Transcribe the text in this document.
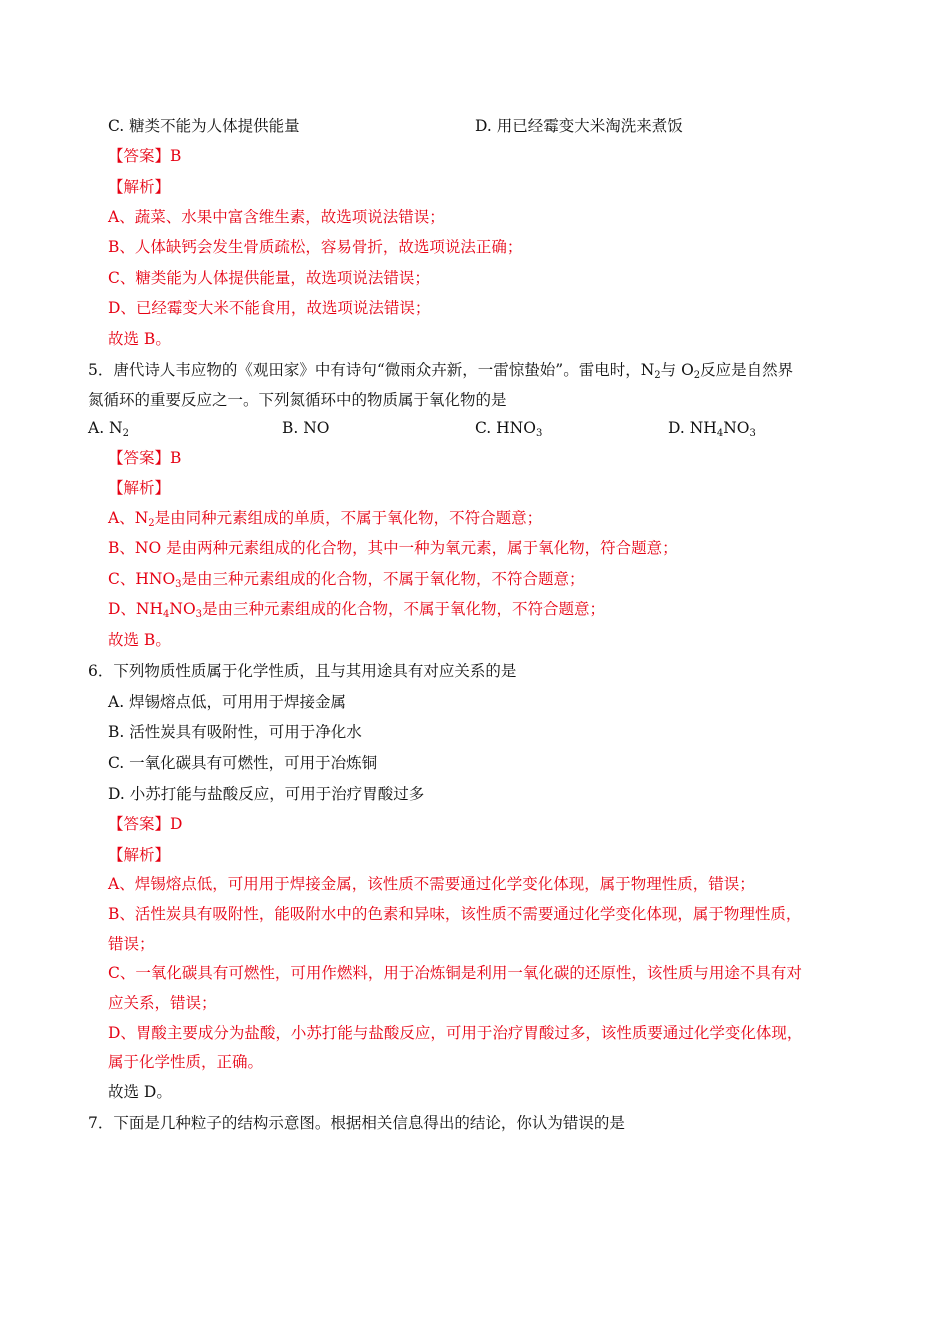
C. 糖类不能为人体提供能量	D. 用已经霉变大米淘洗来煮饭
【答案】B
【解析】
A、蔬菜、水果中富含维生素，故选项说法错误；
B、人体缺钙会发生骨质疏松，容易骨折，故选项说法正确；
C、糖类能为人体提供能量，故选项说法错误；
D、已经霉变大米不能食用，故选项说法错误；
故选 B。
5．唐代诗人韦应物的《观田家》中有诗句“微雨众卉新，一雷惊蛰始”。雷电时，$N_2$与 $O_2$反应是自然界
氮循环的重要反应之一。下列氮循环中的物质属于氧化物的是
A. $N_2$	B. NO	C. $HNO_3$	D. $NH_4NO_3$
【答案】B
【解析】
A、$N_2$是由同种元素组成的单质，不属于氧化物，不符合题意；
B、NO 是由两种元素组成的化合物，其中一种为氧元素，属于氧化物，符合题意；
C、$HNO_3$是由三种元素组成的化合物，不属于氧化物，不符合题意；
D、$NH_4NO_3$是由三种元素组成的化合物，不属于氧化物，不符合题意；
故选 B。
6．下列物质性质属于化学性质，且与其用途具有对应关系的是
A. 焊锡熔点低，可用用于焊接金属
B. 活性炭具有吸附性，可用于净化水
C. 一氧化碳具有可燃性，可用于冶炼铜
D. 小苏打能与盐酸反应，可用于治疗胃酸过多
【答案】D
【解析】
A、焊锡熔点低，可用用于焊接金属，该性质不需要通过化学变化体现，属于物理性质，错误；
B、活性炭具有吸附性，能吸附水中的色素和异味，该性质不需要通过化学变化体现，属于物理性质，
错误；
C、一氧化碳具有可燃性，可用作燃料，用于冶炼铜是利用一氧化碳的还原性，该性质与用途不具有对
应关系，错误；
D、胃酸主要成分为盐酸，小苏打能与盐酸反应，可用于治疗胃酸过多，该性质要通过化学变化体现，
属于化学性质，正确。
故选 D。
7．下面是几种粒子的结构示意图。根据相关信息得出的结论，你认为错误的是
